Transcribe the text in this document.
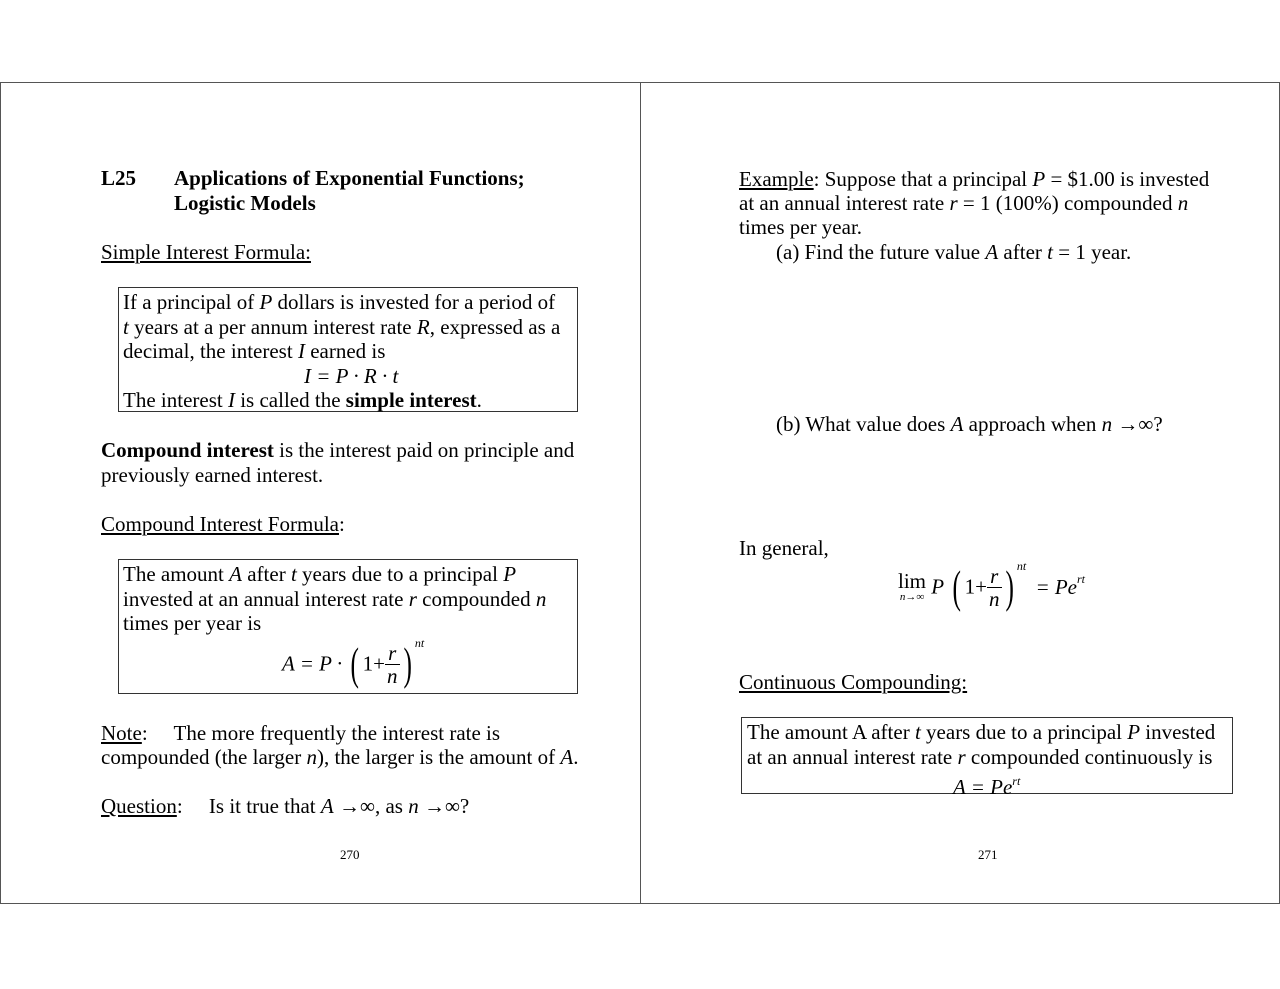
L25 Applications of Exponential Functions;
Logistic Models
Simple Interest Formula:
If a principal of P dollars is invested for a period of
t years at a per annum interest rate R, expressed as a
decimal, the interest I earned is
I = P · R · t
The interest I is called the simple interest.
Compound interest is the interest paid on principle and
previously earned interest.
Compound Interest Formula:
The amount A after t years due to a principal P
invested at an annual interest rate r compounded n
times per year is
A = P · ( $1+ \frac{r}{n}$ ) $^{nt}$
Note:     The more frequently the interest rate is
compounded (the larger n), the larger is the amount of A.
Question:     Is it true that A →∞, as n →∞?
270
Example: Suppose that a principal P = $1.00 is invested
at an annual interest rate r = 1 (100%) compounded n
times per year.
(a) Find the future value A after t = 1 year.
(b) What value does A approach when n →∞?
In general,
lim
n→∞ P ( $1+ \frac{r}{n}$ ) $^{nt} = Pe^{rt}$
Continuous Compounding:
The amount A after t years due to a principal P invested
at an annual interest rate r compounded continuously is
$A = Pe^{rt}$
271
